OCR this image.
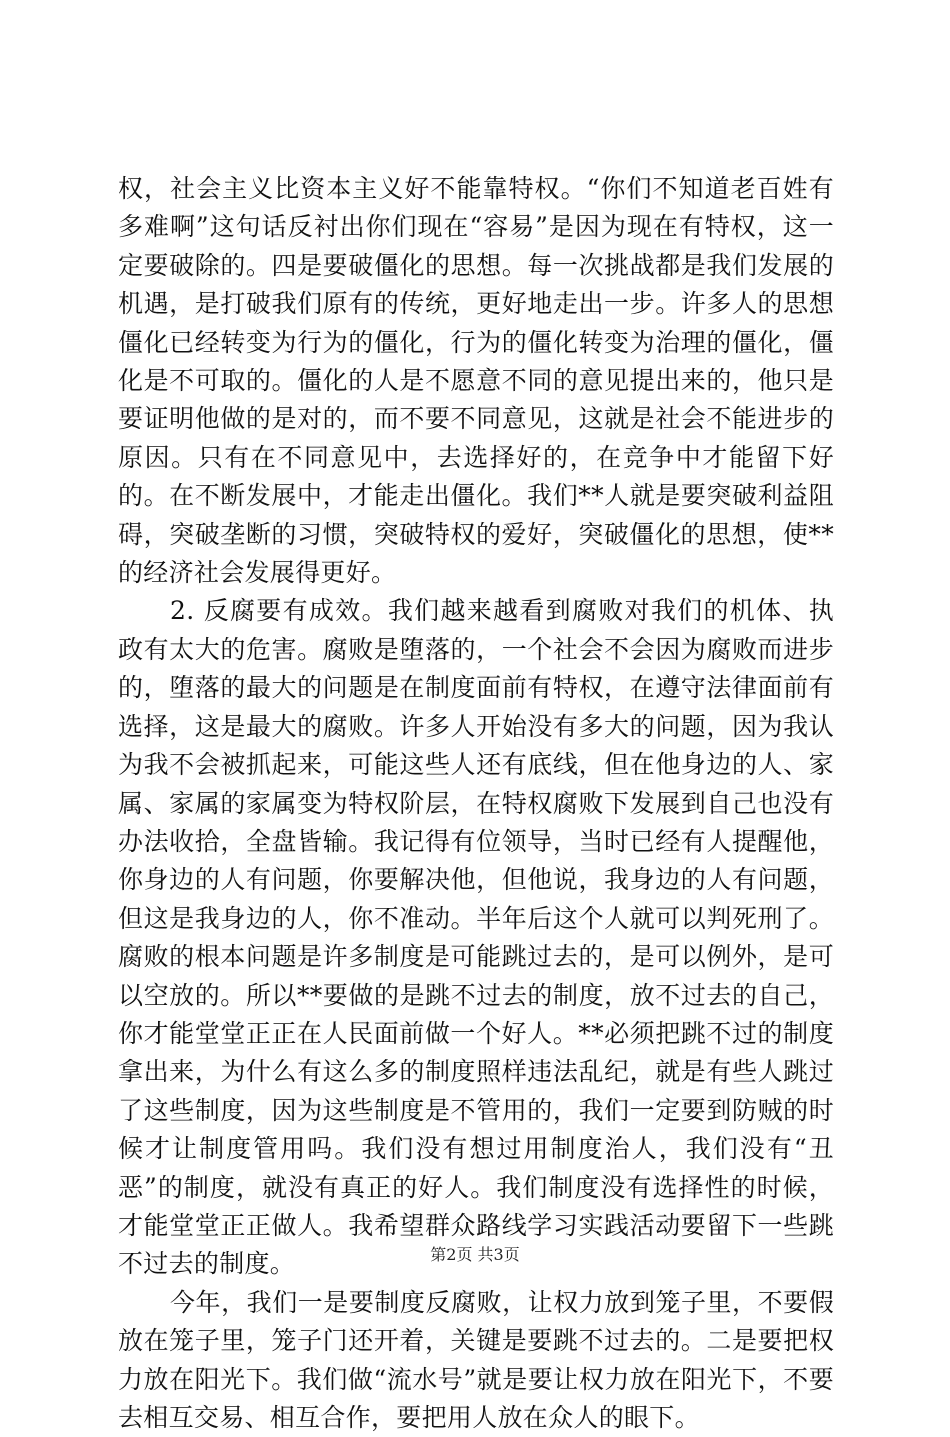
权，社会主义比资本主义好不能靠特权。“你们不知道老百姓有多难啊”这句话反衬出你们现在“容易”是因为现在有特权，这一定要破除的。四是要破僵化的思想。每一次挑战都是我们发展的机遇，是打破我们原有的传统，更好地走出一步。许多人的思想僵化已经转变为行为的僵化，行为的僵化转变为治理的僵化，僵化是不可取的。僵化的人是不愿意不同的意见提出来的，他只是要证明他做的是对的，而不要不同意见，这就是社会不能进步的原因。只有在不同意见中，去选择好的，在竞争中才能留下好的。在不断发展中，才能走出僵化。我们**人就是要突破利益阻碍，突破垄断的习惯，突破特权的爱好，突破僵化的思想，使**的经济社会发展得更好。

2. 反腐要有成效。我们越来越看到腐败对我们的机体、执政有太大的危害。腐败是堕落的，一个社会不会因为腐败而进步的，堕落的最大的问题是在制度面前有特权，在遵守法律面前有选择，这是最大的腐败。许多人开始没有多大的问题，因为我认为我不会被抓起来，可能这些人还有底线，但在他身边的人、家属、家属的家属变为特权阶层，在特权腐败下发展到自己也没有办法收拾，全盘皆输。我记得有位领导，当时已经有人提醒他，你身边的人有问题，你要解决他，但他说，我身边的人有问题，但这是我身边的人，你不准动。半年后这个人就可以判死刑了。腐败的根本问题是许多制度是可能跳过去的，是可以例外，是可以空放的。所以**要做的是跳不过去的制度，放不过去的自己，你才能堂堂正正在人民面前做一个好人。**必须把跳不过的制度拿出来，为什么有这么多的制度照样违法乱纪，就是有些人跳过了这些制度，因为这些制度是不管用的，我们一定要到防贼的时候才让制度管用吗。我们没有想过用制度治人，我们没有“丑恶”的制度，就没有真正的好人。我们制度没有选择性的时候，才能堂堂正正做人。我希望群众路线学习实践活动要留下一些跳不过去的制度。

今年，我们一是要制度反腐败，让权力放到笼子里，不要假放在笼子里，笼子门还开着，关键是要跳不过去的。二是要把权力放在阳光下。我们做“流水号”就是要让权力放在阳光下，不要去相互交易、相互合作，要把用人放在众人的眼下。

第2页 共3页
